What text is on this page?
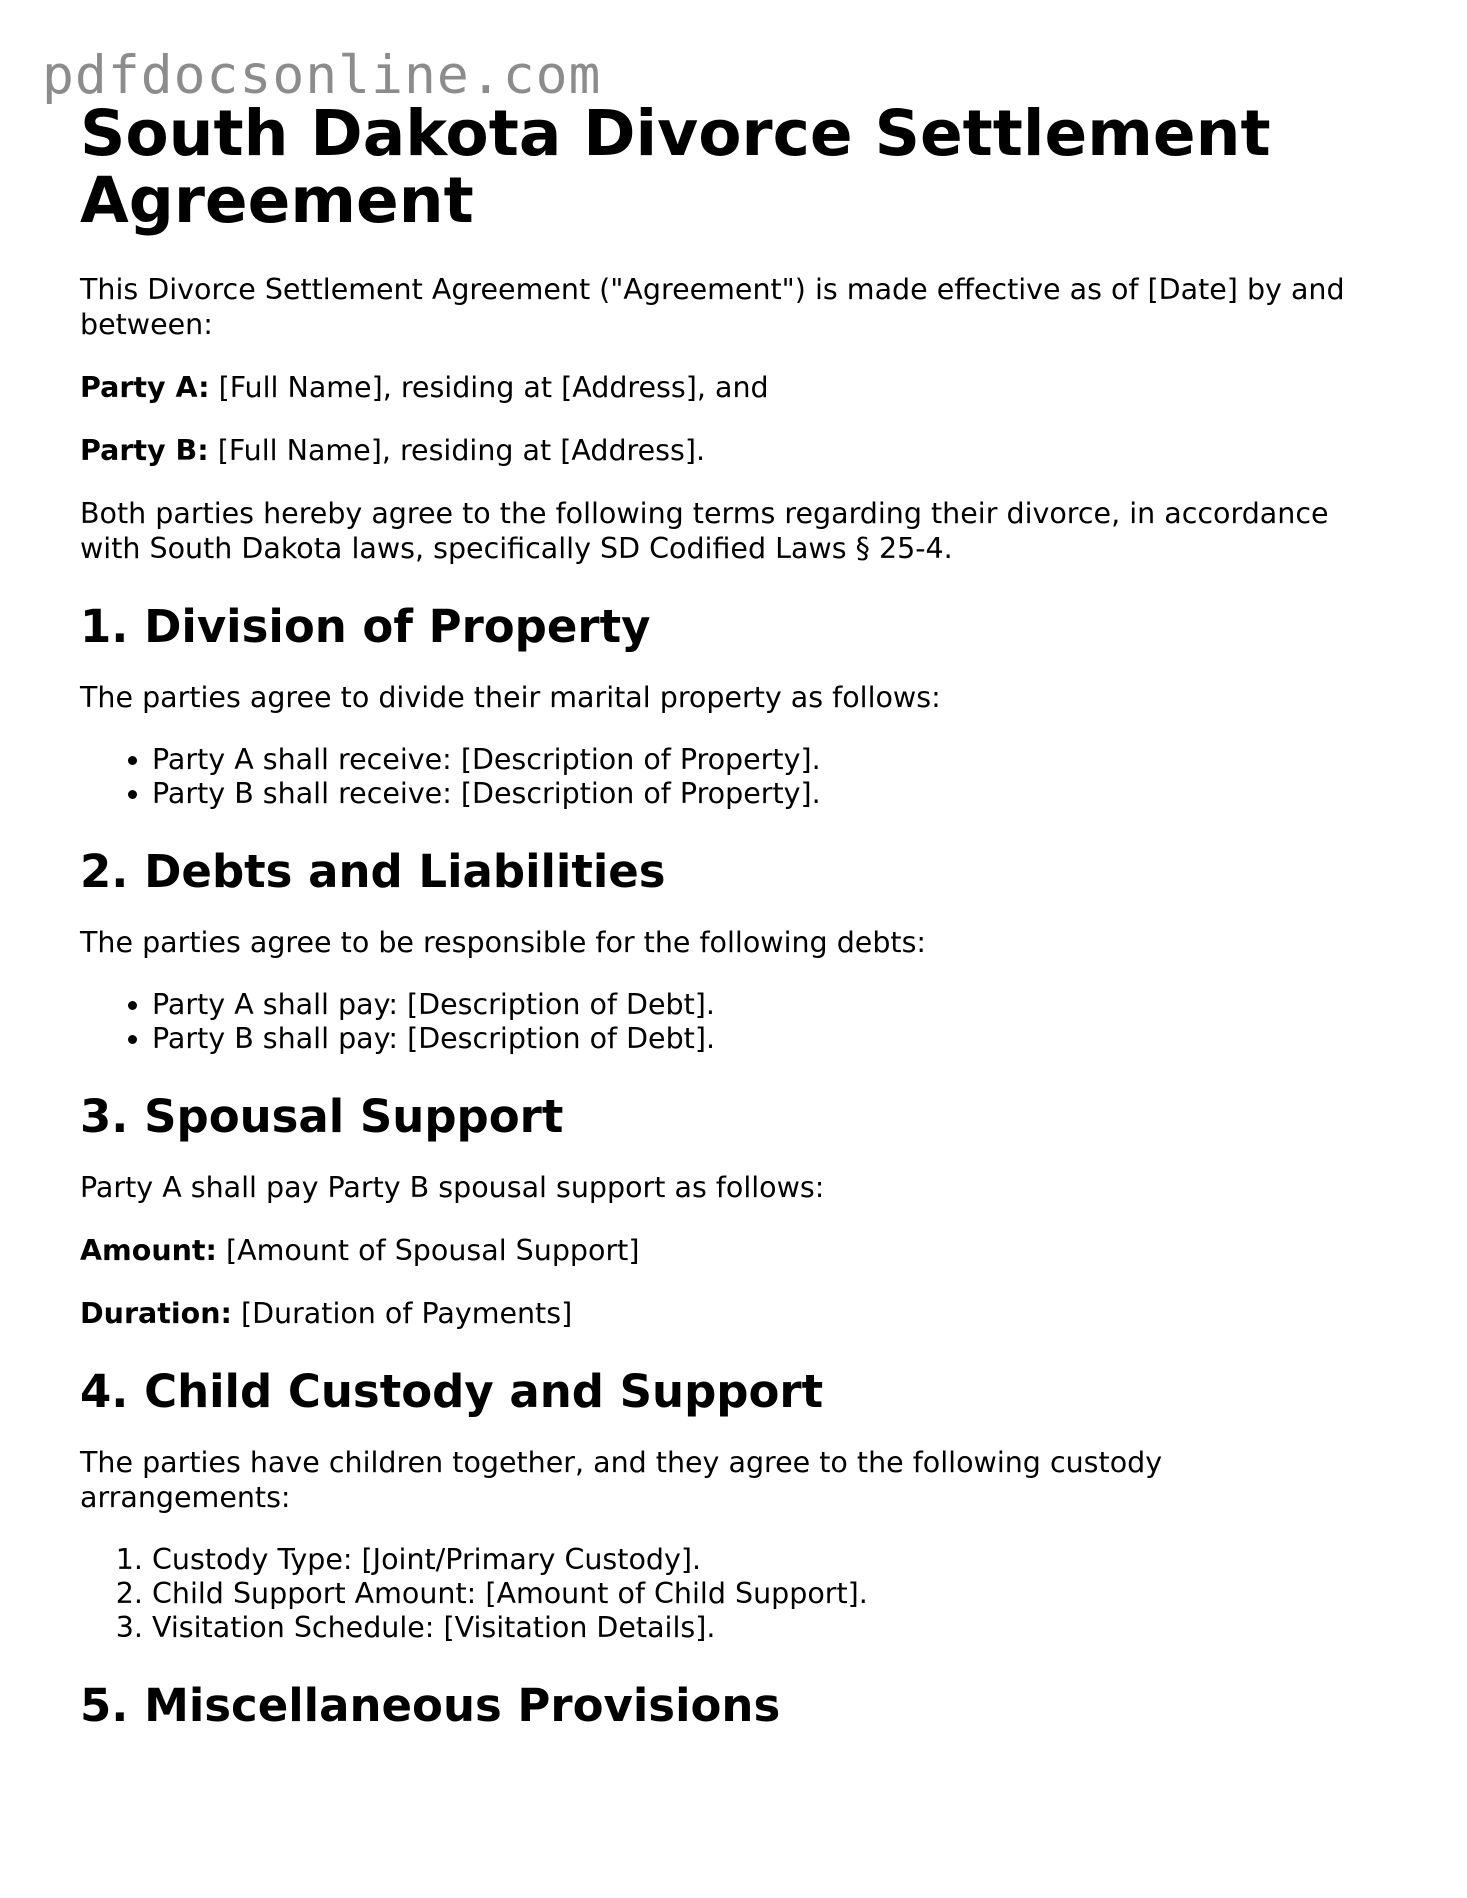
pdfdocsonline.com
South Dakota Divorce Settlement Agreement

This Divorce Settlement Agreement ("Agreement") is made effective as of [Date] by and between:

Party A: [Full Name], residing at [Address], and

Party B: [Full Name], residing at [Address].

Both parties hereby agree to the following terms regarding their divorce, in accordance with South Dakota laws, specifically SD Codified Laws § 25-4.

1. Division of Property

The parties agree to divide their marital property as follows:

• Party A shall receive: [Description of Property].
• Party B shall receive: [Description of Property].
2. Debts and Liabilities

The parties agree to be responsible for the following debts:

• Party A shall pay: [Description of Debt].
• Party B shall pay: [Description of Debt].
3. Spousal Support

Party A shall pay Party B spousal support as follows:

Amount: [Amount of Spousal Support]

Duration: [Duration of Payments]

4. Child Custody and Support

The parties have children together, and they agree to the following custody arrangements:

1. Custody Type: [Joint/Primary Custody].
2. Child Support Amount: [Amount of Child Support].
3. Visitation Schedule: [Visitation Details].
5. Miscellaneous Provisions
